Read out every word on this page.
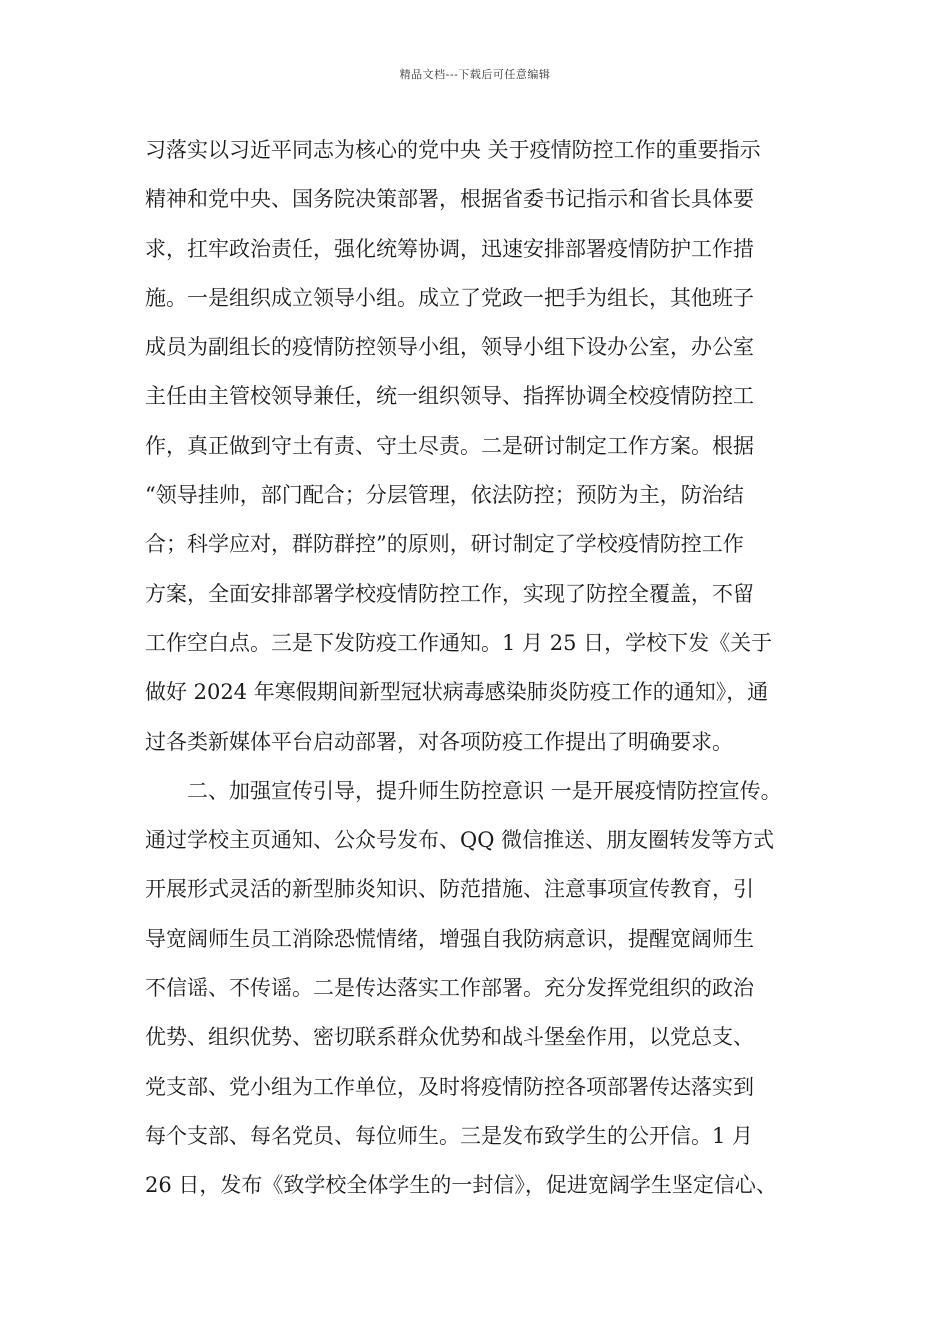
精品文档---下载后可任意编辑
习落实以习近平同志为核心的党中央 关于疫情防控工作的重要指示
精神和党中央、国务院决策部署，根据省委书记指示和省长具体要
求，扛牢政治责任，强化统筹协调，迅速安排部署疫情防护工作措
施。一是组织成立领导小组。成立了党政一把手为组长，其他班子
成员为副组长的疫情防控领导小组，领导小组下设办公室，办公室
主任由主管校领导兼任，统一组织领导、指挥协调全校疫情防控工
作，真正做到守土有责、守土尽责。二是研讨制定工作方案。根据
“领导挂帅，部门配合；分层管理，依法防控；预防为主，防治结
合；科学应对，群防群控”的原则，研讨制定了学校疫情防控工作
方案，全面安排部署学校疫情防控工作，实现了防控全覆盖，不留
工作空白点。三是下发防疫工作通知。1 月 25 日，学校下发《关于
做好 2024 年寒假期间新型冠状病毒感染肺炎防疫工作的通知》，通
过各类新媒体平台启动部署，对各项防疫工作提出了明确要求。
二、加强宣传引导，提升师生防控意识 一是开展疫情防控宣传。
通过学校主页通知、公众号发布、QQ 微信推送、朋友圈转发等方式
开展形式灵活的新型肺炎知识、防范措施、注意事项宣传教育，引
导宽阔师生员工消除恐慌情绪，增强自我防病意识，提醒宽阔师生
不信谣、不传谣。二是传达落实工作部署。充分发挥党组织的政治
优势、组织优势、密切联系群众优势和战斗堡垒作用，以党总支、
党支部、党小组为工作单位，及时将疫情防控各项部署传达落实到
每个支部、每名党员、每位师生。三是发布致学生的公开信。1 月
26 日，发布《致学校全体学生的一封信》，促进宽阔学生坚定信心、
